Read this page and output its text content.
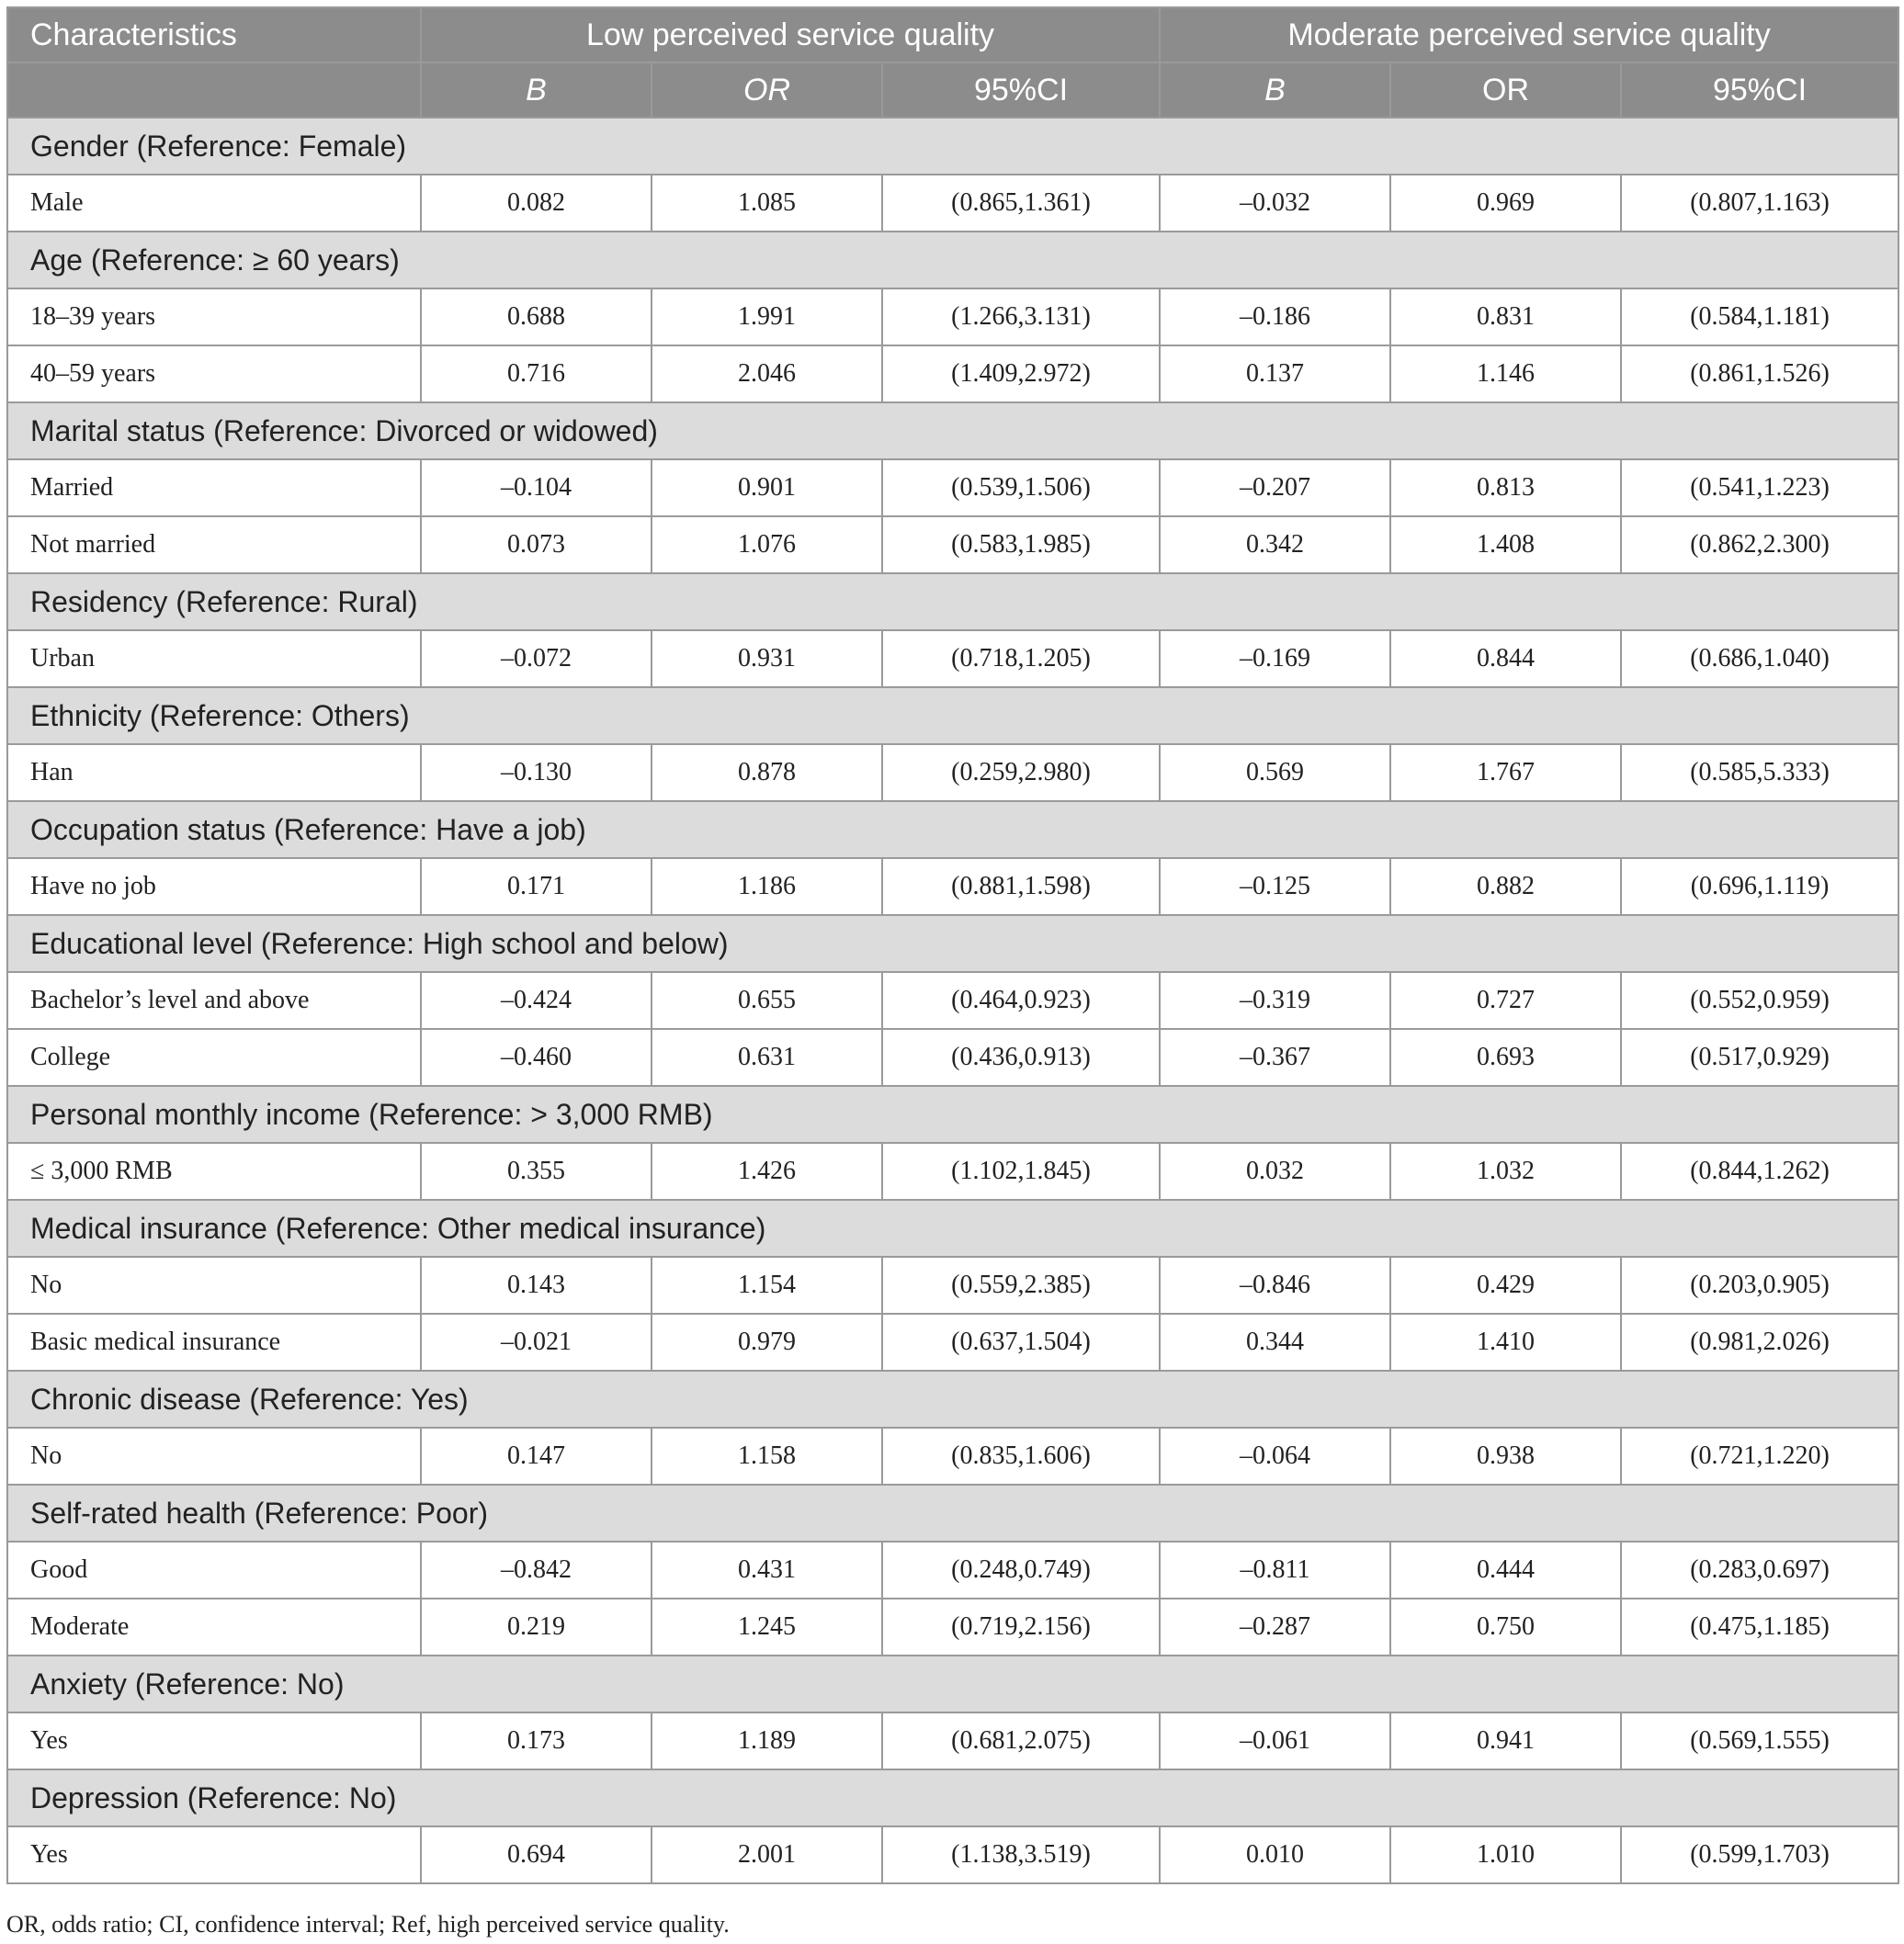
Characteristics	Low perceived service quality			Moderate perceived service quality		
	B	OR	95%CI	B	OR	95%CI
Gender (Reference: Female)						
Male	0.082	1.085	(0.865,1.361)	–0.032	0.969	(0.807,1.163)
Age (Reference: ≥ 60 years)						
18–39 years	0.688	1.991	(1.266,3.131)	–0.186	0.831	(0.584,1.181)
40–59 years	0.716	2.046	(1.409,2.972)	0.137	1.146	(0.861,1.526)
Marital status (Reference: Divorced or widowed)						
Married	–0.104	0.901	(0.539,1.506)	–0.207	0.813	(0.541,1.223)
Not married	0.073	1.076	(0.583,1.985)	0.342	1.408	(0.862,2.300)
Residency (Reference: Rural)						
Urban	–0.072	0.931	(0.718,1.205)	–0.169	0.844	(0.686,1.040)
Ethnicity (Reference: Others)						
Han	–0.130	0.878	(0.259,2.980)	0.569	1.767	(0.585,5.333)
Occupation status (Reference: Have a job)						
Have no job	0.171	1.186	(0.881,1.598)	–0.125	0.882	(0.696,1.119)
Educational level (Reference: High school and below)						
Bachelor’s level and above	–0.424	0.655	(0.464,0.923)	–0.319	0.727	(0.552,0.959)
College	–0.460	0.631	(0.436,0.913)	–0.367	0.693	(0.517,0.929)
Personal monthly income (Reference: > 3,000 RMB)						
≤ 3,000 RMB	0.355	1.426	(1.102,1.845)	0.032	1.032	(0.844,1.262)
Medical insurance (Reference: Other medical insurance)						
No	0.143	1.154	(0.559,2.385)	–0.846	0.429	(0.203,0.905)
Basic medical insurance	–0.021	0.979	(0.637,1.504)	0.344	1.410	(0.981,2.026)
Chronic disease (Reference: Yes)						
No	0.147	1.158	(0.835,1.606)	–0.064	0.938	(0.721,1.220)
Self-rated health (Reference: Poor)						
Good	–0.842	0.431	(0.248,0.749)	–0.811	0.444	(0.283,0.697)
Moderate	0.219	1.245	(0.719,2.156)	–0.287	0.750	(0.475,1.185)
Anxiety (Reference: No)						
Yes	0.173	1.189	(0.681,2.075)	–0.061	0.941	(0.569,1.555)
Depression (Reference: No)						
Yes	0.694	2.001	(1.138,3.519)	0.010	1.010	(0.599,1.703)
OR, odds ratio; CI, confidence interval; Ref, high perceived service quality.
